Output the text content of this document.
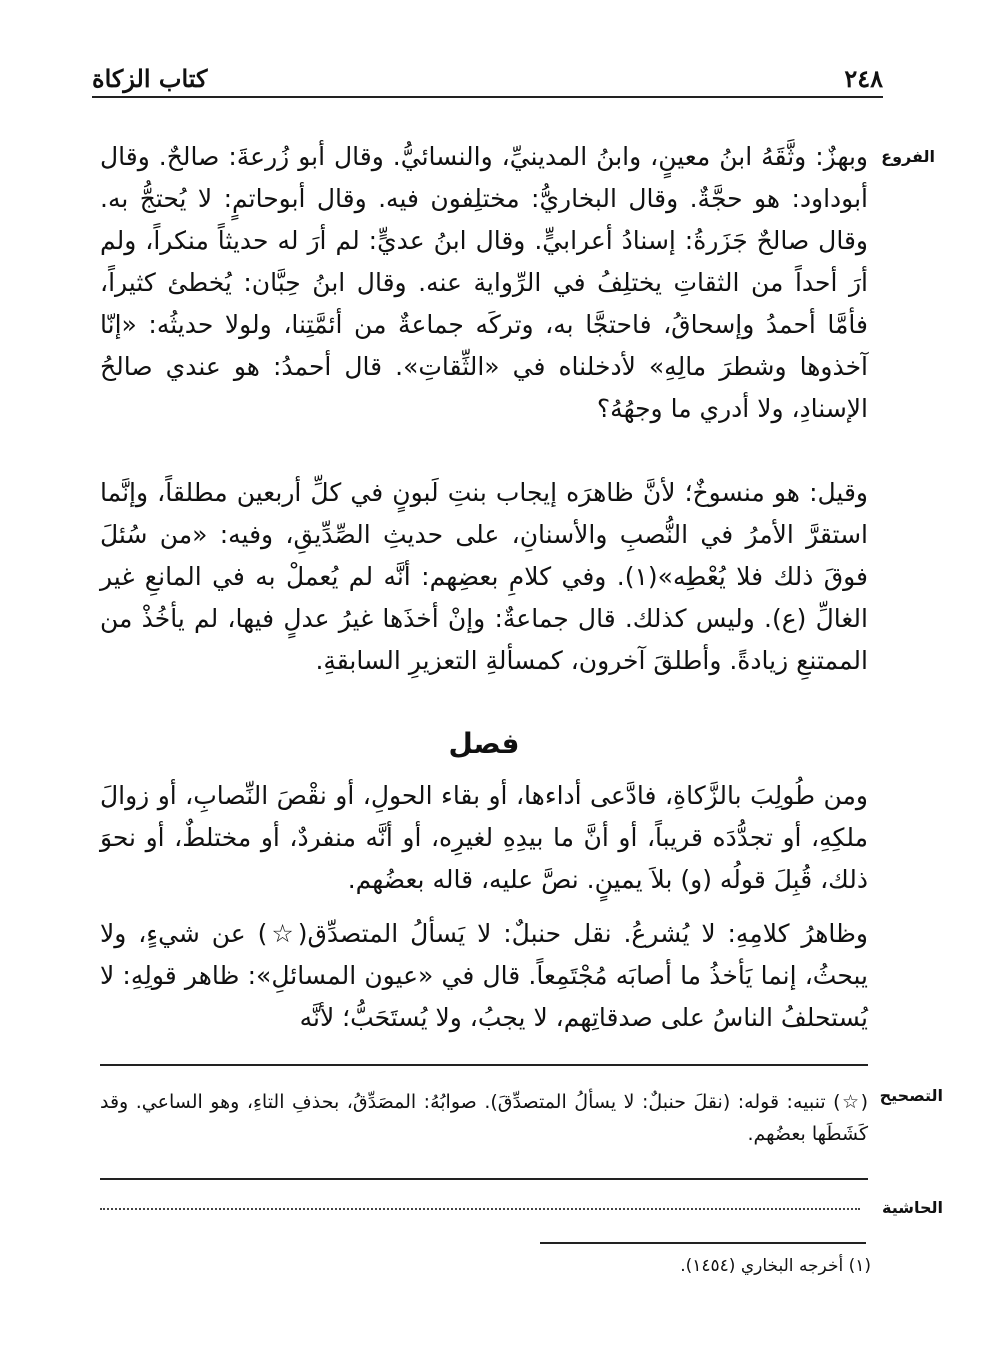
٢٤٨
كتاب الزكاة
الفروع

وبهزٌ: وثَّقَهُ ابنُ معينٍ، وابنُ المدينيِّ، والنسائيُّ. وقال أبو زُرعةَ: صالحٌ. وقال أبوداود: هو حجَّةٌ. وقال البخاريُّ: مختلِفون فيه. وقال أبوحاتمٍ: لا يُحتجُّ به. وقال صالحٌ جَزَرةُ: إسنادُ أعرابيٍّ. وقال ابنُ عديٍّ: لم أرَ له حديثاً منكراً، ولم أرَ أحداً من الثقاتِ يختلِفُ في الرِّواية عنه. وقال ابنُ حِبَّان: يُخطئ كثيراً، فأمَّا أحمدُ وإسحاقُ، فاحتجَّا به، وتركَه جماعةٌ من أئمَّتِنا، ولولا حديثُه: «إنّا آخذوها وشطرَ مالِهِ» لأدخلناه في «الثِّقاتِ». قال أحمدُ: هو عندي صالحُ الإسنادِ، ولا أدري ما وجهُهُ؟

وقيل: هو منسوخٌ؛ لأنَّ ظاهرَه إيجاب بنتِ لَبونٍ في كلِّ أربعين مطلقاً، وإنَّما استقرَّ الأمرُ في النُّصبِ والأسنانِ، على حديثِ الصِّدِّيقِ، وفيه: «من سُئلَ فوقَ ذلك فلا يُعْطِه»(١). وفي كلامِ بعضِهم: أنَّه لم يُعملْ به في المانعِ غير الغالِّ (ع). وليس كذلك. قال جماعةٌ: وإنْ أخذَها غيرُ عدلٍ فيها، لم يأخُذْ من الممتنعِ زيادةً. وأطلقَ آخرون، كمسألةِ التعزيرِ السابقةِ.

فصل

ومن طُولِبَ بالزَّكاةِ، فادَّعى أداءها، أو بقاء الحولِ، أو نقْصَ النِّصابِ، أو زوالَ ملكِهِ، أو تجدُّدَه قريباً، أو أنَّ ما بيدِهِ لغيرِه، أو أنَّه منفردٌ، أو مختلطٌ، أو نحوَ ذلك، قُبِلَ قولُه (و) بلاَ يمينٍ. نصَّ عليه، قاله بعضُهم.

وظاهرُ كلامِهِ: لا يُشرعُ. نقل حنبلٌ: لا يَسألُ المتصدِّق(☆) عن شيءٍ، ولا يبحثُ، إنما يَأخذُ ما أصابَه مُجْتَمِعاً. قال في «عيون المسائلِ»: ظاهر قولِهِ: لا يُستحلفُ الناسُ على صدقاتِهم، لا يجبُ، ولا يُستَحَبُّ؛ لأنَّه

التصحيح
(☆) تنبيه: قوله: (نقلَ حنبلٌ: لا يسألُ المتصدِّقَ). صوابُهُ: المصَدِّقُ، بحذفِ التاءِ، وهو الساعي. وقد كَشَطَها بعضُهم.
الحاشية
(١) أخرجه البخاري (١٤٥٤).
